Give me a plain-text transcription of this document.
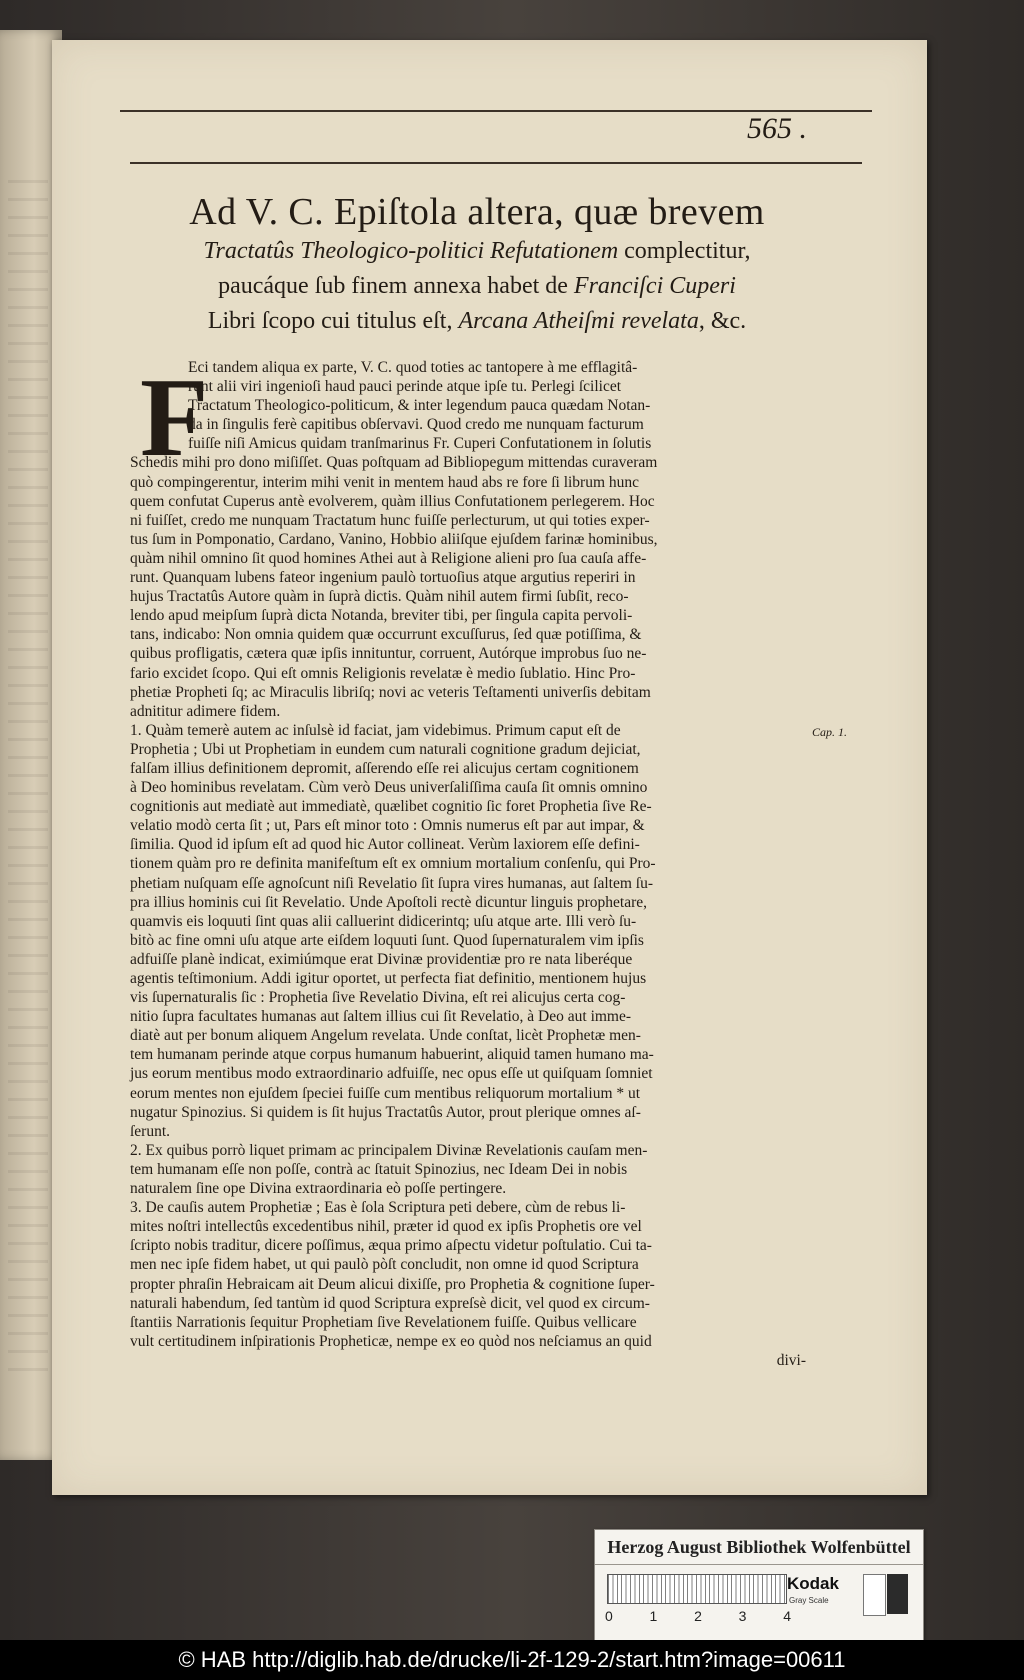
565 .
Ad V. C. Epiſtola altera, quæ brevem
Tractatûs Theologico-politici Refutationem complectitur,
paucáque ſub finem annexa habet de Franciſci Cuperi
Libri ſcopo cui titulus eſt, Arcana Atheiſmi revelata, &c.
F
Eci tandem aliqua ex parte, V. C. quod toties ac tantopere à me efflagitâ-
runt alii viri ingenioſi haud pauci perinde atque ipſe tu. Perlegi ſcilicet
Tractatum Theologico-politicum, & inter legendum pauca quædam Notan-
da in ſingulis ferè capitibus obſervavi. Quod credo me nunquam facturum
fuiſſe niſi Amicus quidam tranſmarinus Fr. Cuperi Confutationem in ſolutis
Schedis mihi pro dono miſiſſet. Quas poſtquam ad Bibliopegum mittendas curaveram
quò compingerentur, interim mihi venit in mentem haud abs re fore ſi librum hunc
quem confutat Cuperus antè evolverem, quàm illius Confutationem perlegerem. Hoc
ni fuiſſet, credo me nunquam Tractatum hunc fuiſſe perlecturum, ut qui toties exper-
tus ſum in Pomponatio, Cardano, Vanino, Hobbio aliiſque ejuſdem farinæ hominibus,
quàm nihil omnino ſit quod homines Athei aut à Religione alieni pro ſua cauſa affe-
runt. Quanquam lubens fateor ingenium paulò tortuoſius atque argutius reperiri in
hujus Tractatûs Autore quàm in ſuprà dictis. Quàm nihil autem firmi ſubſit, reco-
lendo apud meipſum ſuprà dicta Notanda, breviter tibi, per ſingula capita pervoli-
tans, indicabo: Non omnia quidem quæ occurrunt excuſſurus, ſed quæ potiſſima, &
quibus profligatis, cætera quæ ipſis innituntur, corruent, Autórque improbus ſuo ne-
fario excidet ſcopo. Qui eſt omnis Religionis revelatæ è medio ſublatio. Hinc Pro-
phetiæ Propheti ſq; ac Miraculis libriſq; novi ac veteris Teſtamenti univerſis debitam
adnititur adimere fidem.
1. Quàm temerè autem ac inſulsè id faciat, jam videbimus. Primum caput eſt de
Prophetia ; Ubi ut Prophetiam in eundem cum naturali cognitione gradum dejiciat,
falſam illius definitionem depromit, aſſerendo eſſe rei alicujus certam cognitionem
à Deo hominibus revelatam. Cùm verò Deus univerſaliſſima cauſa ſit omnis omnino
cognitionis aut mediatè aut immediatè, quælibet cognitio ſic foret Prophetia ſive Re-
velatio modò certa ſit ; ut, Pars eſt minor toto : Omnis numerus eſt par aut impar, &
ſimilia. Quod id ipſum eſt ad quod hic Autor collineat. Verùm laxiorem eſſe defini-
tionem quàm pro re definita manifeſtum eſt ex omnium mortalium conſenſu, qui Pro-
phetiam nuſquam eſſe agnoſcunt niſi Revelatio ſit ſupra vires humanas, aut ſaltem ſu-
pra illius hominis cui ſit Revelatio. Unde Apoſtoli rectè dicuntur linguis prophetare,
quamvis eis loquuti ſint quas alii calluerint didicerintq; uſu atque arte. Illi verò ſu-
bitò ac fine omni uſu atque arte eiſdem loquuti ſunt. Quod ſupernaturalem vim ipſis
adfuiſſe planè indicat, eximiúmque erat Divinæ providentiæ pro re nata liberéque
agentis teſtimonium. Addi igitur oportet, ut perfecta fiat definitio, mentionem hujus
vis ſupernaturalis ſic : Prophetia ſive Revelatio Divina, eſt rei alicujus certa cog-
nitio ſupra facultates humanas aut ſaltem illius cui ſit Revelatio, à Deo aut imme-
diatè aut per bonum aliquem Angelum revelata. Unde conſtat, licèt Prophetæ men-
tem humanam perinde atque corpus humanum habuerint, aliquid tamen humano ma-
jus eorum mentibus modo extraordinario adfuiſſe, nec opus eſſe ut quiſquam ſomniet
eorum mentes non ejuſdem ſpeciei fuiſſe cum mentibus reliquorum mortalium * ut
nugatur Spinozius. Si quidem is ſit hujus Tractatûs Autor, prout plerique omnes aſ-
ſerunt.
2. Ex quibus porrò liquet primam ac principalem Divinæ Revelationis cauſam men-
tem humanam eſſe non poſſe, contrà ac ſtatuit Spinozius, nec Ideam Dei in nobis
naturalem ſine ope Divina extraordinaria eò poſſe pertingere.
3. De cauſis autem Prophetiæ ; Eas è ſola Scriptura peti debere, cùm de rebus li-
mites noſtri intellectûs excedentibus nihil, præter id quod ex ipſis Prophetis ore vel
ſcripto nobis traditur, dicere poſſimus, æqua primo aſpectu videtur poſtulatio. Cui ta-
men nec ipſe fidem habet, ut qui paulò pòſt concludit, non omne id quod Scriptura
propter phraſin Hebraicam ait Deum alicui dixiſſe, pro Prophetia & cognitione ſuper-
naturali habendum, ſed tantùm id quod Scriptura expreſsè dicit, vel quod ex circum-
ſtantiis Narrationis ſequitur Prophetiam ſive Revelationem fuiſſe. Quibus vellicare
vult certitudinem inſpirationis Propheticæ, nempe ex eo quòd nos neſciamus an quid
divi-
Cap. 1.
Herzog August Bibliothek Wolfenbüttel
0	1	2	3	4
Kodak
Gray Scale
© HAB http://diglib.hab.de/drucke/li-2f-129-2/start.htm?image=00611
